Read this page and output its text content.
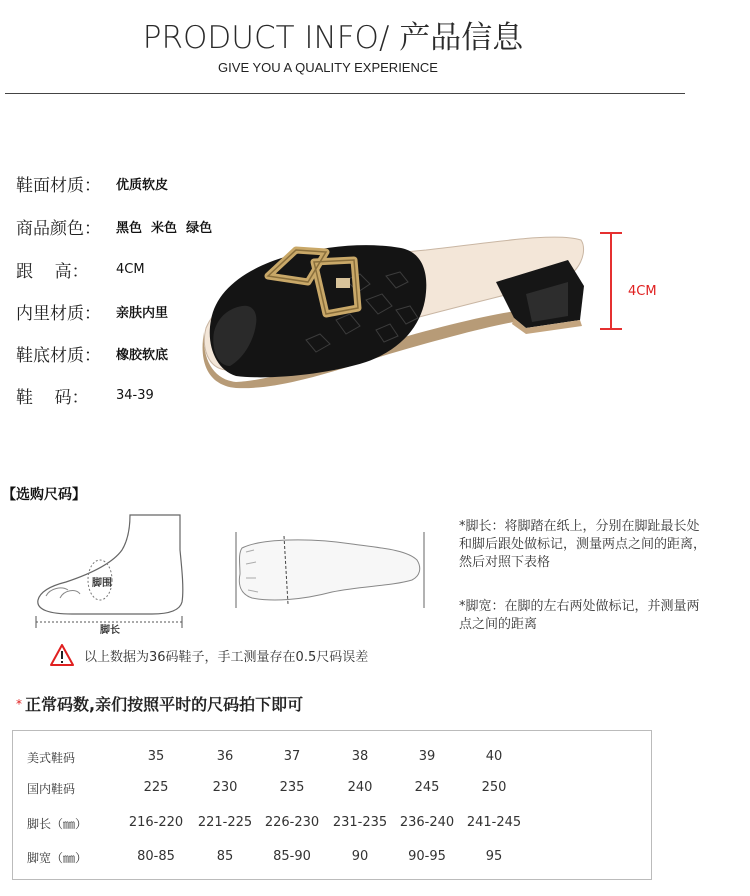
PRODUCT INFO/ 产品信息
GIVE YOU A QUALITY EXPERIENCE
鞋面材质：	优质软皮
商品颜色：	黑色  米色  绿色
跟    高：	4CM
内里材质：	亲肤内里
鞋底材质：	橡胶软底
鞋    码：	34-39
4CM
【选购尺码】
脚围
脚长
*脚长：将脚踏在纸上，分别在脚趾最长处和脚后跟处做标记，测量两点之间的距离，然后对照下表格
*脚宽：在脚的左右两处做标记，并测量两点之间的距离
以上数据为36码鞋子，手工测量存在0.5尺码误差
* 正常码数,亲们按照平时的尺码拍下即可
美式鞋码	35	36	37	38	39	40
国内鞋码	225	230	235	240	245	250
脚长（㎜）	216-220	221-225 226-230	231-235 236-240 241-245
脚宽（㎜）	80-85	85	85-90	90	90-95	95
